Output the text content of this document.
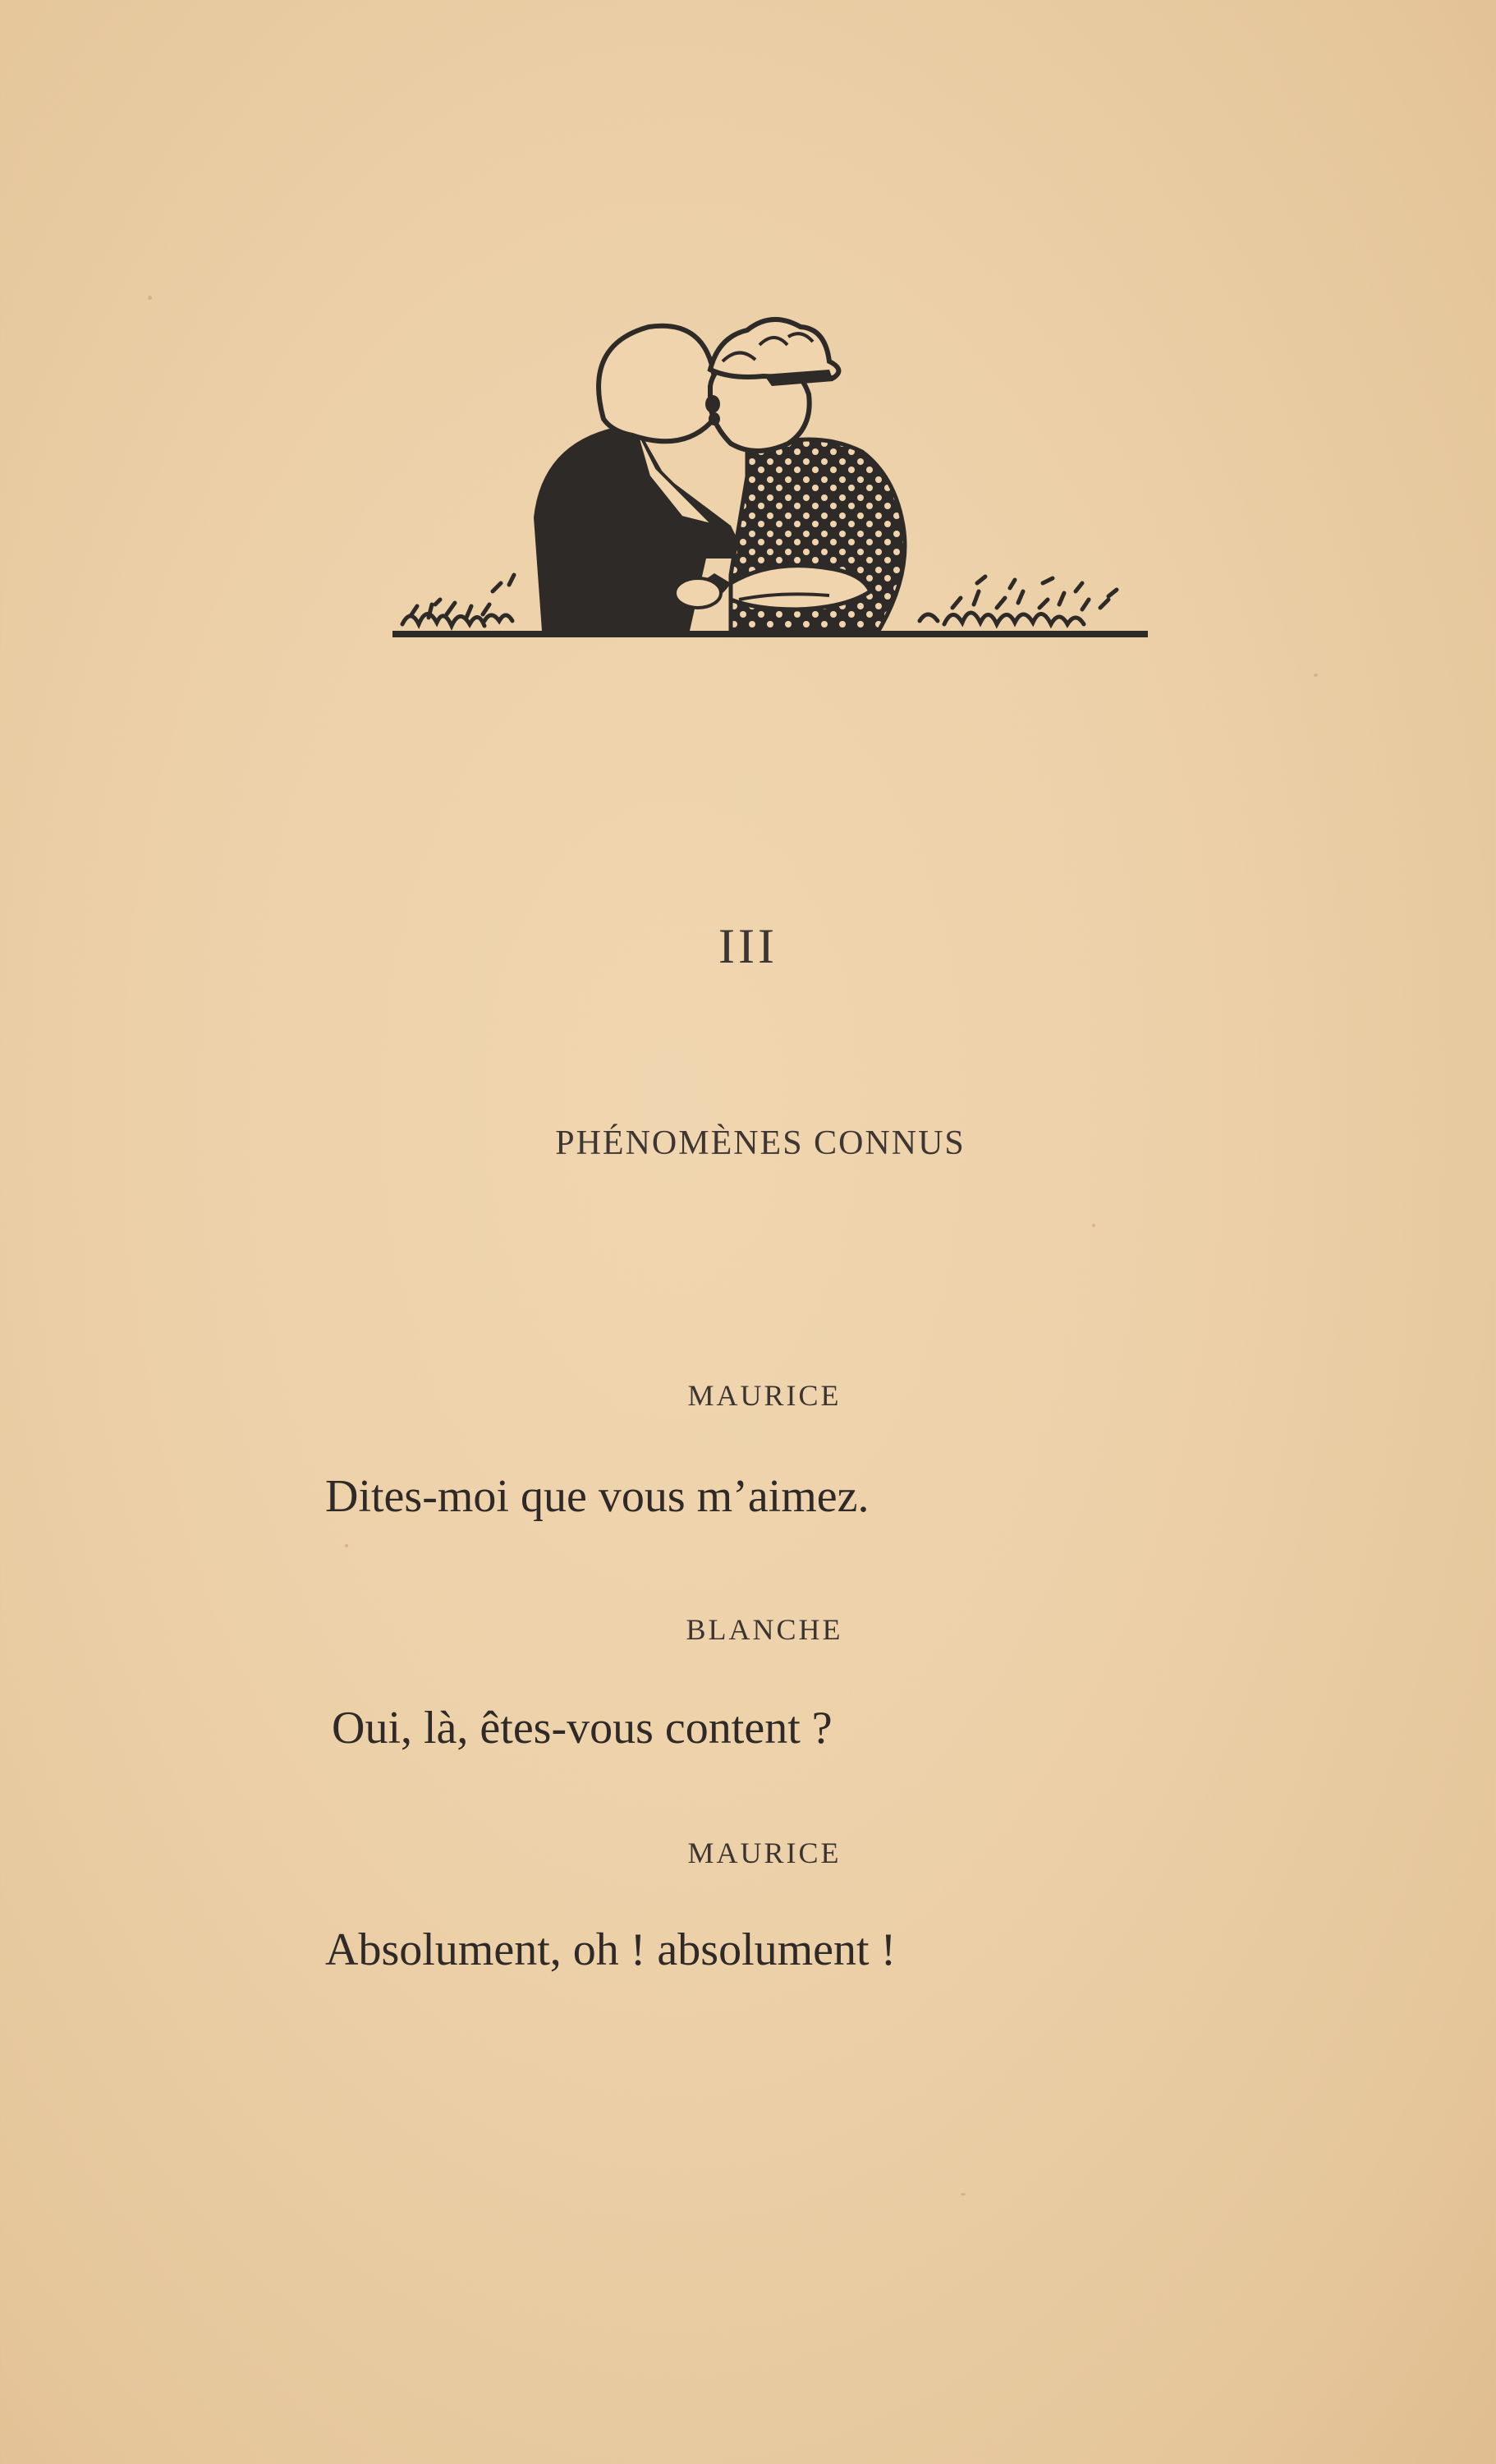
III
PHÉNOMÈNES CONNUS
MAURICE
Dites-moi que vous m’aimez.
BLANCHE
Oui, là, êtes-vous content ?
MAURICE
Absolument, oh ! absolument !
